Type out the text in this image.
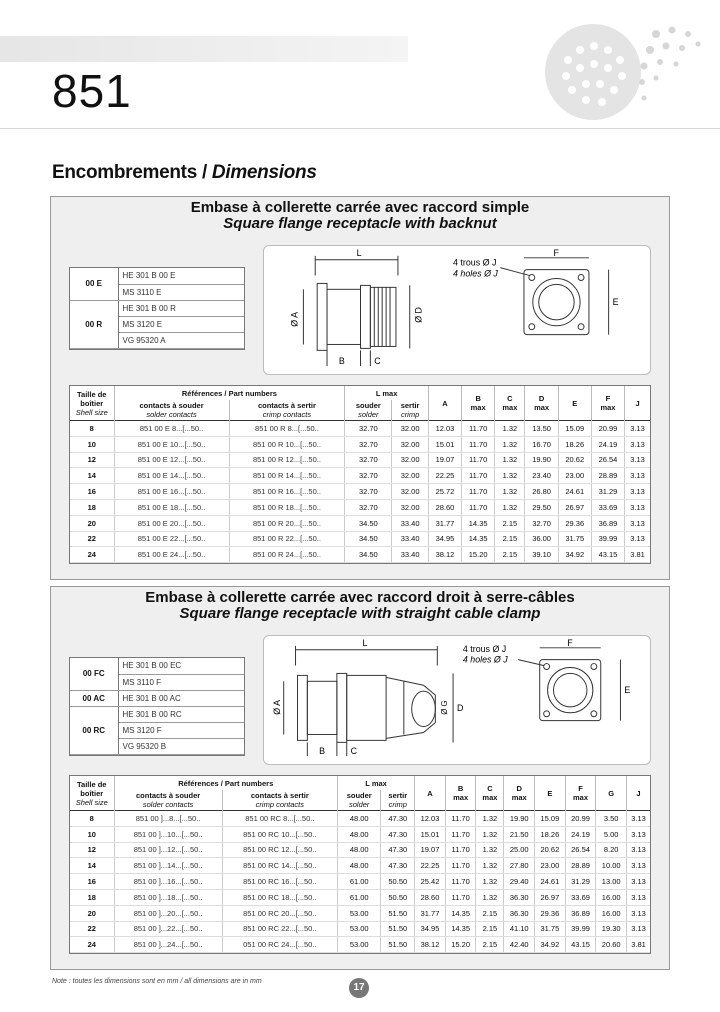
851
Encombrements / Dimensions
Embase à collerette carrée avec raccord simple
Square flange receptacle with backnut
00 E	HE 301 B 00 E
	MS 3110 E
00 R	HE 301 B 00 R
	MS 3120 E
	VG 95320 A
L
Ø A	Ø D
B	C
F
E
4 trous Ø J
4 holes Ø J
Taille de
boîtier
Shell size	Références / Part numbers		L max		A	B
max	C
max	D
max	E	F
max	J

	contacts à souder
solder contacts	contacts à sertir
crimp contacts	souder
solder	sertir
crimp							
8	851 00 E 8...[...50..	851 00 R 8...[...50..	32.70	32.00	12.03	11.70	1.32	13.50	15.09	20.99	3.13
10	851 00 E 10...[...50..	851 00 R 10...[...50..	32.70	32.00	15.01	11.70	1.32	16.70	18.26	24.19	3.13
12	851 00 E 12...[...50..	851 00 R 12...[...50..	32.70	32.00	19.07	11.70	1.32	19.90	20.62	26.54	3.13
14	851 00 E 14...[...50..	851 00 R 14...[...50..	32.70	32.00	22.25	11.70	1.32	23.40	23.00	28.89	3.13
16	851 00 E 16...[...50..	851 00 R 16...[...50..	32.70	32.00	25.72	11.70	1.32	26.80	24.61	31.29	3.13
18	851 00 E 18...[...50..	851 00 R 18...[...50..	32.70	32.00	28.60	11.70	1.32	29.50	26.97	33.69	3.13
20	851 00 E 20...[...50..	851 00 R 20...[...50..	34.50	33.40	31.77	14.35	2.15	32.70	29.36	36.89	3.13
22	851 00 E 22...[...50..	851 00 R 22...[...50..	34.50	33.40	34.95	14.35	2.15	36.00	31.75	39.99	3.13
24	851 00 E 24...[...50..	851 00 R 24...[...50..	34.50	33.40	38.12	15.20	2.15	39.10	34.92	43.15	3.81
Embase à collerette carrée avec raccord droit à serre-câbles
Square flange receptacle with straight cable clamp
00 FC	HE 301 B 00 EC
	MS 3110 F
00 AC	HE 301 B 00 AC
00 RC	HE 301 B 00 RC
	MS 3120 F
	VG 95320 B
L
Ø A	Ø G D
B	C
F
E
4 trous Ø J
4 holes Ø J
Taille de
boîtier
Shell size	Références / Part numbers		L max		A	B
max	C
max	D
max	E	F
max	G	J

	contacts à souder
solder contacts	contacts à sertir
crimp contacts	souder
solder	sertir
crimp								
8	851 00 ]...8...[...50..	851 00 RC 8...[...50..	48.00	47.30	12.03	11.70	1.32	19.90	15.09	20.99	3.50	3.13
10	851 00 ]...10...[...50..	851 00 RC 10...[...50..	48.00	47.30	15.01	11.70	1.32	21.50	18.26	24.19	5.00	3.13
12	851 00 ]...12...[...50..	851 00 RC 12...[...50..	48.00	47.30	19.07	11.70	1.32	25.00	20.62	26.54	8.20	3.13
14	851 00 ]...14...[...50..	851 00 RC 14...[...50..	48.00	47.30	22.25	11.70	1.32	27.80	23.00	28.89	10.00	3.13
16	851 00 ]...16...[...50..	851 00 RC 16...[...50..	61.00	50.50	25.42	11.70	1.32	29.40	24.61	31.29	13.00	3.13
18	851 00 ]...18...[...50..	851 00 RC 18...[...50..	61.00	50.50	28.60	11.70	1.32	36.30	26.97	33.69	16.00	3.13
20	851 00 ]...20...[...50..	851 00 RC 20...[...50..	53.00	51.50	31.77	14.35	2.15	36.30	29.36	36.89	16.00	3.13
22	851 00 ]...22...[...50..	851 00 RC 22...[...50..	53.00	51.50	34.95	14.35	2.15	41.10	31.75	39.99	19.30	3.13
24	851 00 ]...24...[...50..	051 00 RC 24...[...50..	53.00	51.50	38.12	15.20	2.15	42.40	34.92	43.15	20.60	3.81
Note : toutes les dimensions sont en mm / all dimensions are in mm
17
